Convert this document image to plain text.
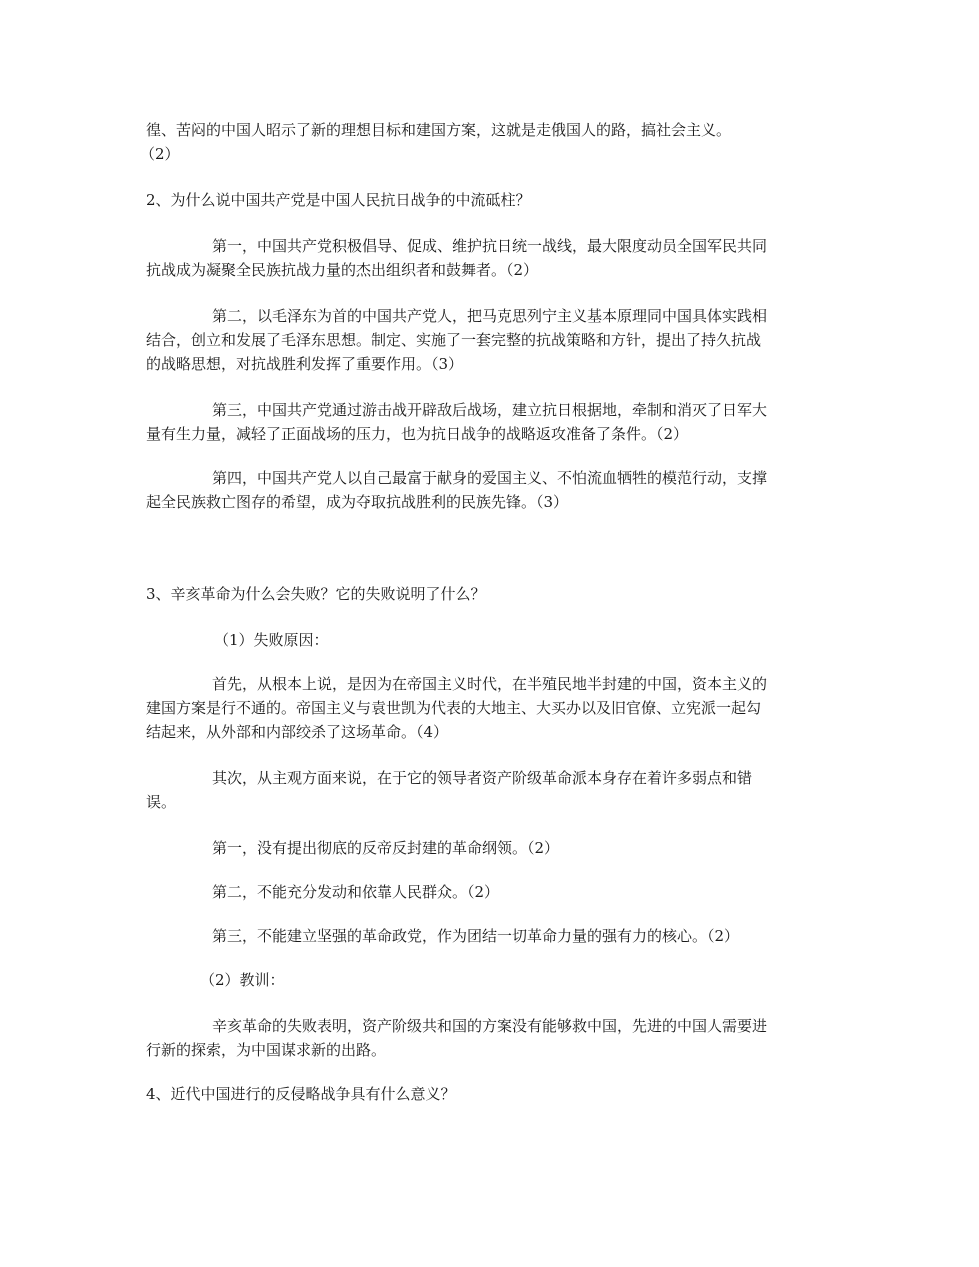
徨、苦闷的中国人昭示了新的理想目标和建国方案，这就是走俄国人的路，搞社会主义。

（2）

2、为什么说中国共产党是中国人民抗日战争的中流砥柱？

第一，中国共产党积极倡导、促成、维护抗日统一战线，最大限度动员全国军民共同

抗战成为凝聚全民族抗战力量的杰出组织者和鼓舞者。（2）

第二，以毛泽东为首的中国共产党人，把马克思列宁主义基本原理同中国具体实践相

结合，创立和发展了毛泽东思想。制定、实施了一套完整的抗战策略和方针，提出了持久抗战

的战略思想，对抗战胜利发挥了重要作用。（3）

第三，中国共产党通过游击战开辟敌后战场，建立抗日根据地，牵制和消灭了日军大

量有生力量，减轻了正面战场的压力，也为抗日战争的战略返攻准备了条件。（2）

第四，中国共产党人以自己最富于献身的爱国主义、不怕流血牺牲的模范行动，支撑

起全民族救亡图存的希望，成为夺取抗战胜利的民族先锋。（3）

3、辛亥革命为什么会失败？它的失败说明了什么？

（1）失败原因：

首先，从根本上说，是因为在帝国主义时代，在半殖民地半封建的中国，资本主义的

建国方案是行不通的。帝国主义与袁世凯为代表的大地主、大买办以及旧官僚、立宪派一起勾

结起来，从外部和内部绞杀了这场革命。（4）

其次，从主观方面来说，在于它的领导者资产阶级革命派本身存在着许多弱点和错

误。

第一，没有提出彻底的反帝反封建的革命纲领。（2）

第二，不能充分发动和依靠人民群众。（2）

第三，不能建立坚强的革命政党，作为团结一切革命力量的强有力的核心。（2）

（2）教训：

辛亥革命的失败表明，资产阶级共和国的方案没有能够救中国，先进的中国人需要进

行新的探索，为中国谋求新的出路。

4、近代中国进行的反侵略战争具有什么意义？
